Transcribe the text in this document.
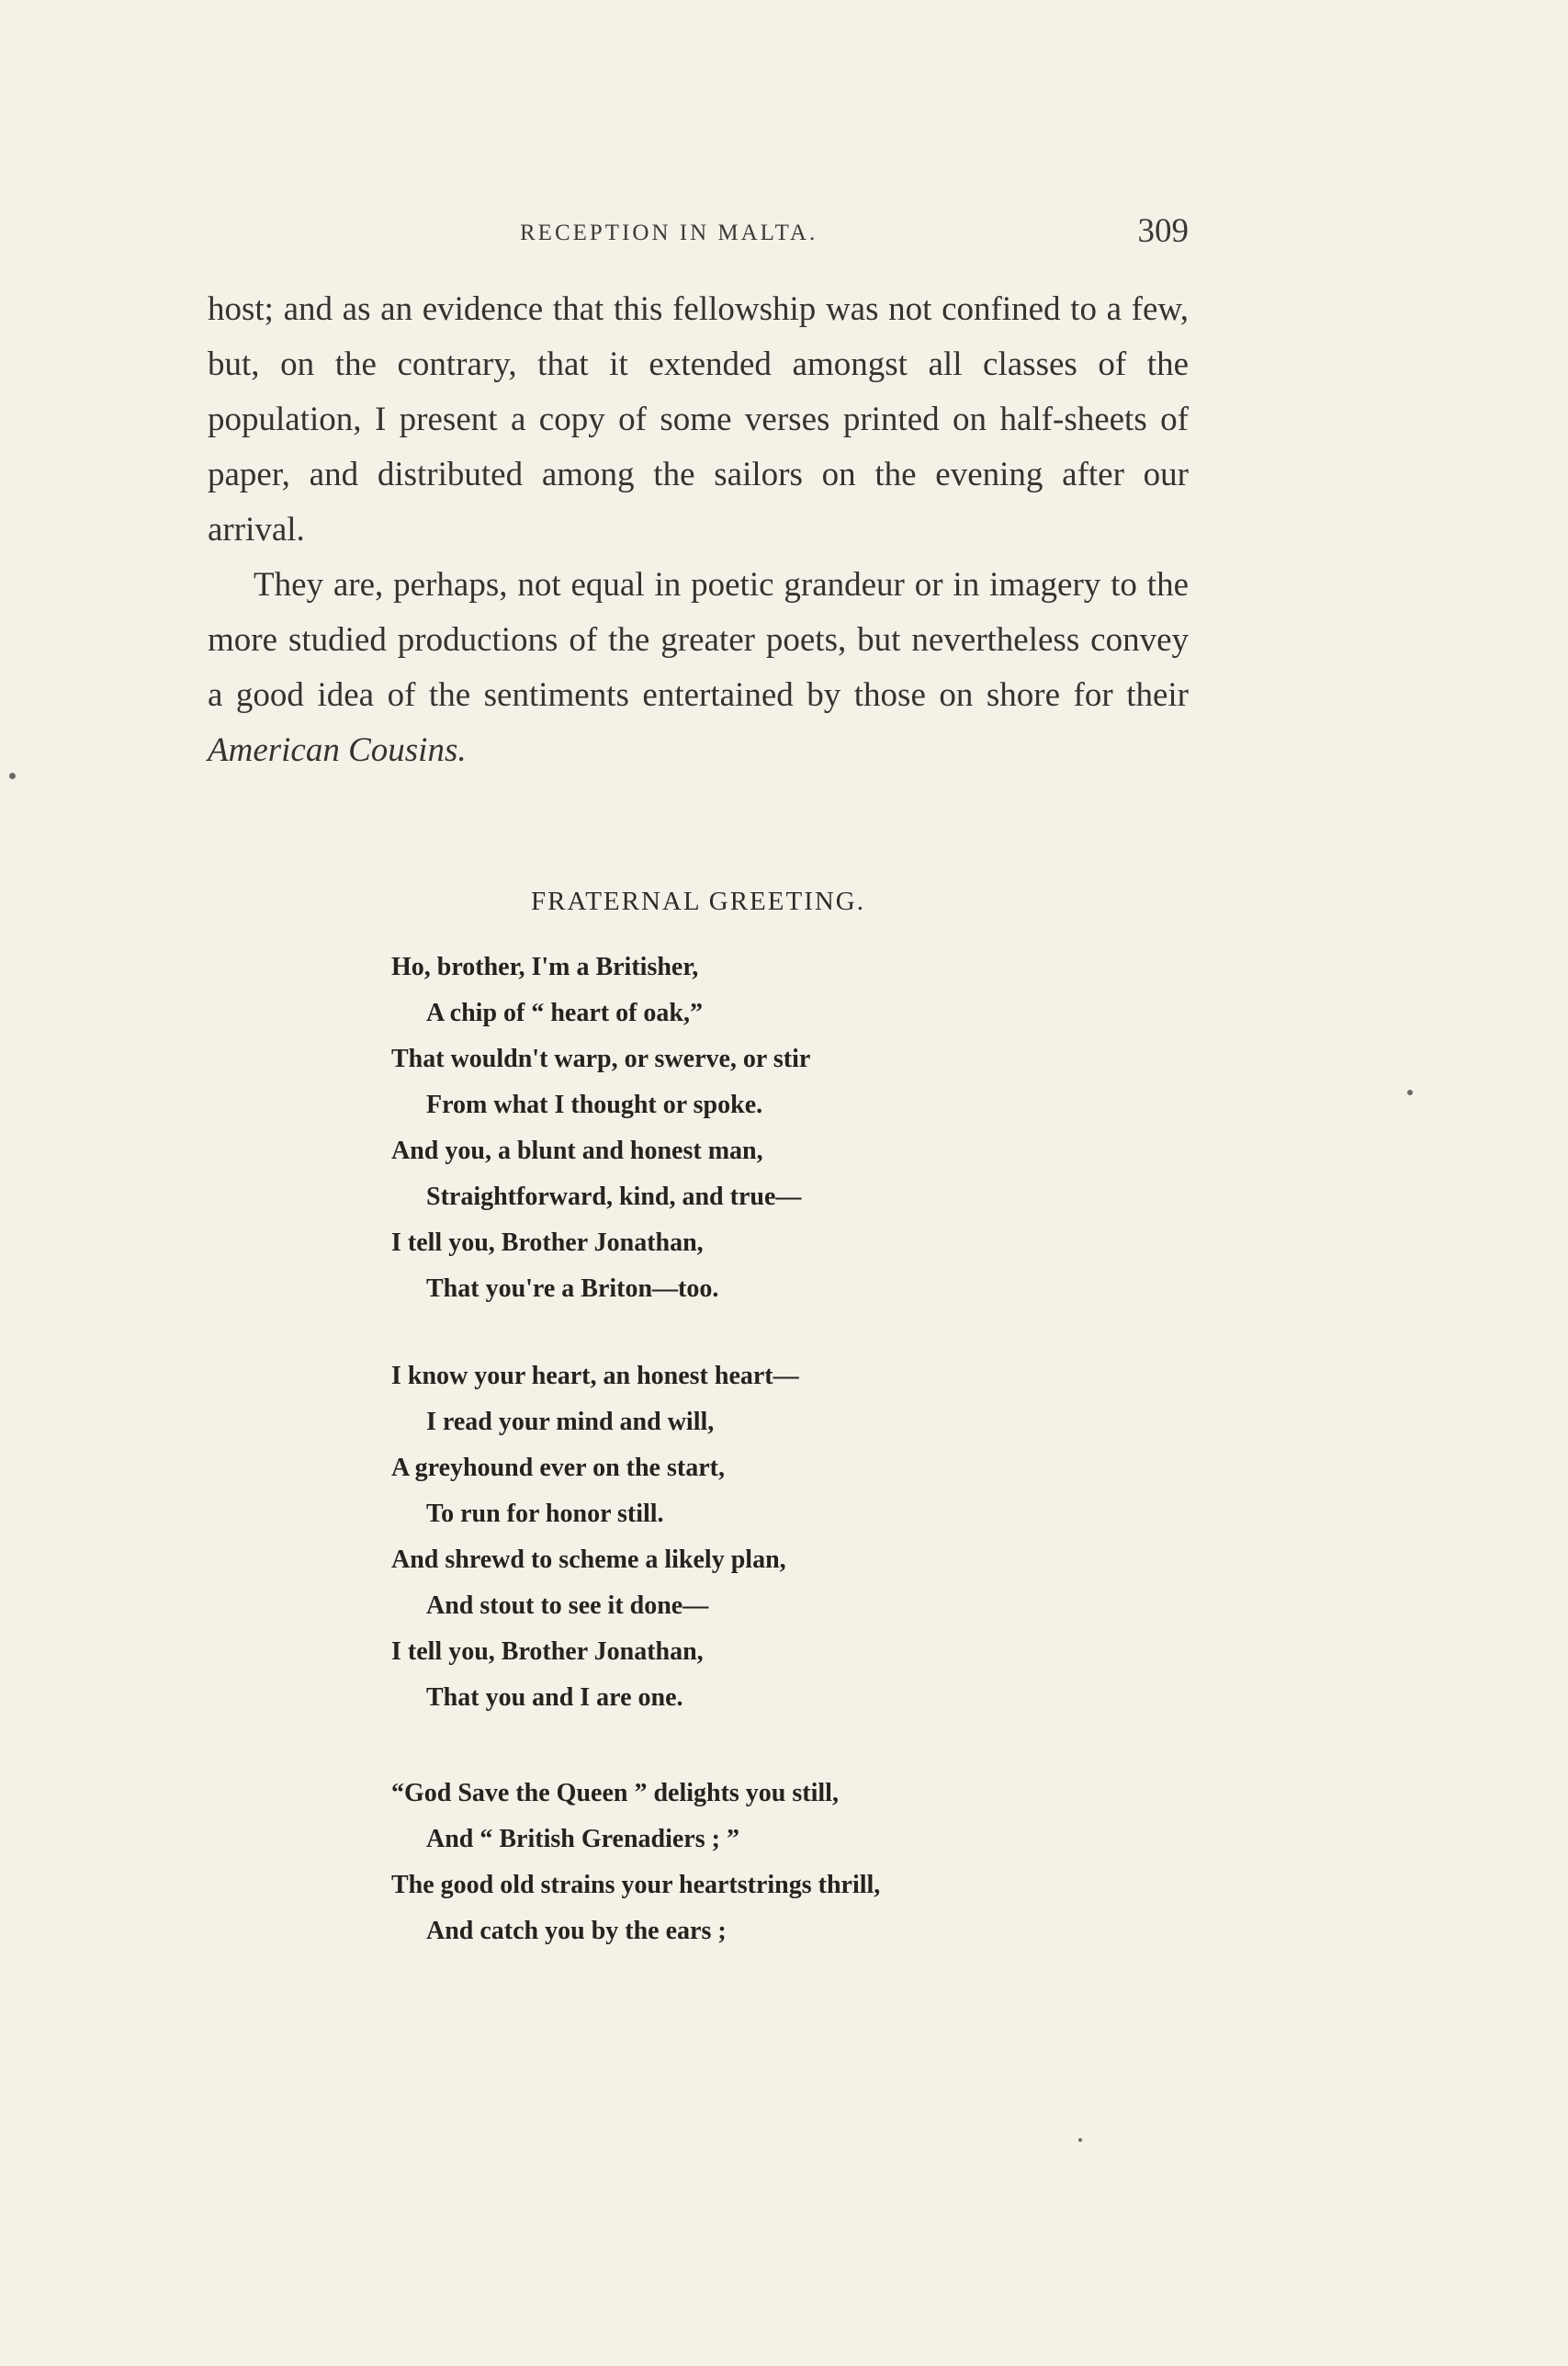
RECEPTION IN MALTA.	309

host; and as an evidence that this fellowship was not confined to a few, but, on the contrary, that it extended amongst all classes of the population, I present a copy of some verses printed on half-sheets of paper, and distributed among the sailors on the evening after our arrival.

They are, perhaps, not equal in poetic grandeur or in imagery to the more studied productions of the greater poets, but nevertheless convey a good idea of the sentiments entertained by those on shore for their American Cousins.

FRATERNAL GREETING.
Ho, brother, I'm a Britisher,
A chip of “ heart of oak,”
That wouldn't warp, or swerve, or stir
From what I thought or spoke.
And you, a blunt and honest man,
Straightforward, kind, and true—
I tell you, Brother Jonathan,
That you're a Briton—too.
I know your heart, an honest heart—
I read your mind and will,
A greyhound ever on the start,
To run for honor still.
And shrewd to scheme a likely plan,
And stout to see it done—
I tell you, Brother Jonathan,
That you and I are one.
“God Save the Queen ” delights you still,
And “ British Grenadiers ; ”
The good old strains your heartstrings thrill,
And catch you by the ears ;
